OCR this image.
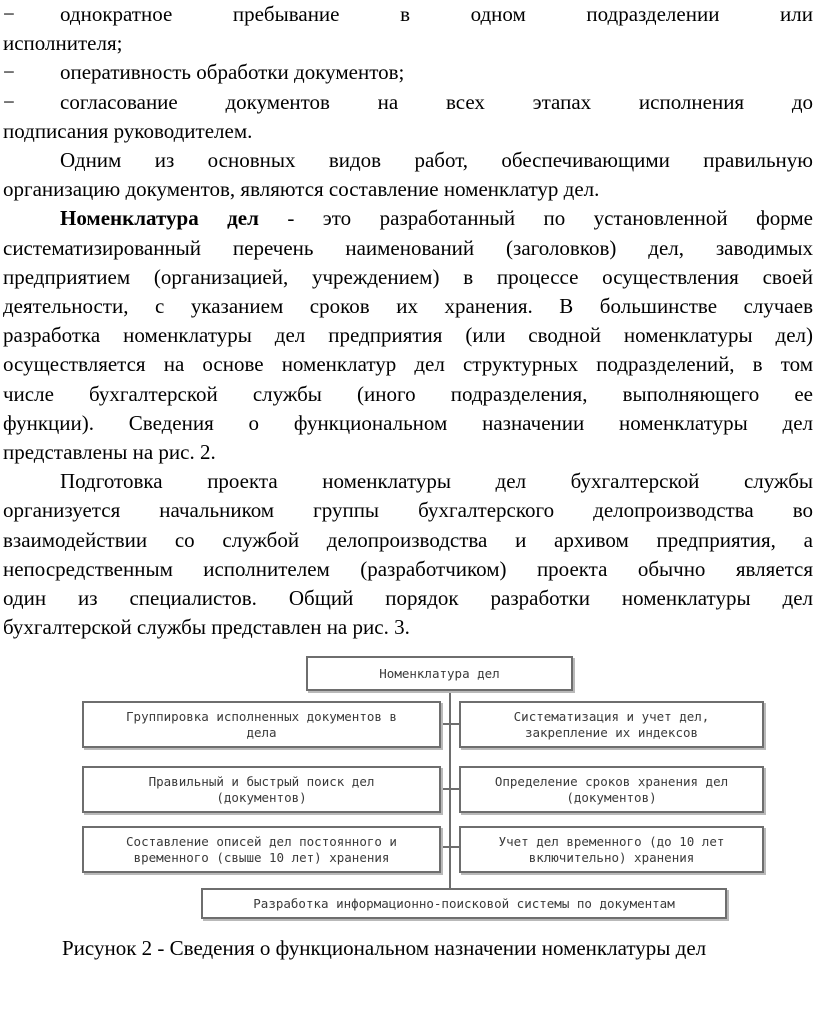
− однократное пребывание в одном подразделении или
исполнителя;
− оперативность обработки документов;
− согласование документов на всех этапах исполнения до
подписания руководителем.
Одним из основных видов работ, обеспечивающими правильную
организацию документов, являются составление номенклатур дел.
Номенклатура дел - это разработанный по установленной форме
систематизированный перечень наименований (заголовков) дел, заводимых
предприятием (организацией, учреждением) в процессе осуществления своей
деятельности, с указанием сроков их хранения. В большинстве случаев
разработка номенклатуры дел предприятия (или сводной номенклатуры дел)
осуществляется на основе номенклатур дел структурных подразделений, в том
числе бухгалтерской службы (иного подразделения, выполняющего ее
функции). Сведения о функциональном назначении номенклатуры дел
представлены на рис. 2.
Подготовка проекта номенклатуры дел бухгалтерской службы
организуется начальником группы бухгалтерского делопроизводства во
взаимодействии со службой делопроизводства и архивом предприятия, а
непосредственным исполнителем (разработчиком) проекта обычно является
один из специалистов. Общий порядок разработки номенклатуры дел
бухгалтерской службы представлен на рис. 3.
Номенклатура дел
Группировка исполненных документов в
дела
Правильный и быстрый поиск дел
(документов)
Составление описей дел постоянного и
временного (свыше 10 лет) хранения
Систематизация и учет дел,
закрепление их индексов
Определение сроков хранения дел
(документов)
Учет дел временного (до 10 лет
включительно) хранения
Разработка информационно-поисковой системы по документам
Рисунок 2 - Сведения о функциональном назначении номенклатуры дел
